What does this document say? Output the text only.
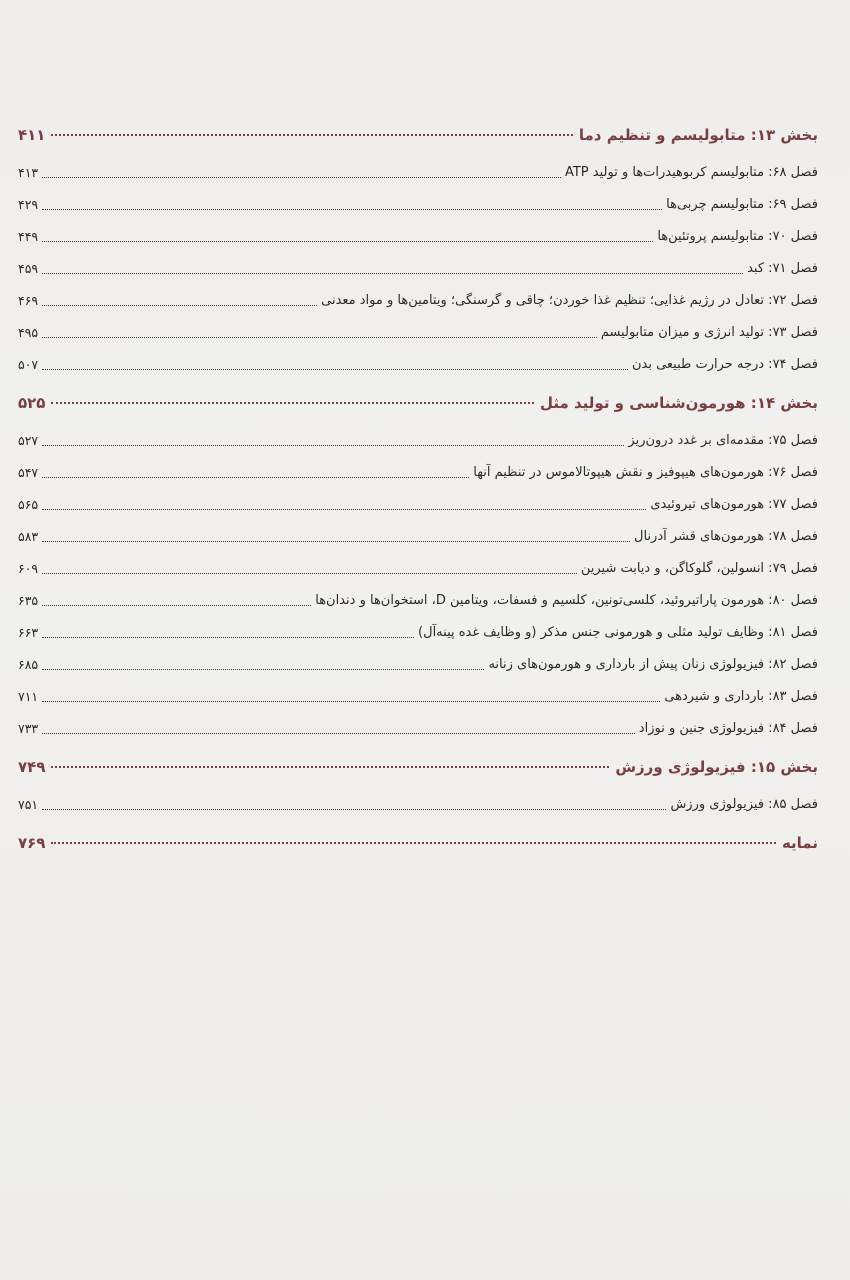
بخش ۱۳: متابولیسم و تنظیم دما
۴۱۱
فصل ۶۸: متابولیسم کربوهیدرات‌ها و تولید ATP
۴۱۳
فصل ۶۹: متابولیسم چربی‌ها
۴۲۹
فصل ۷۰: متابولیسم پروتئین‌ها
۴۴۹
فصل ۷۱: کبد
۴۵۹
فصل ۷۲: تعادل در رژیم غذایی؛ تنظیم غذا خوردن؛ چاقی و گرسنگی؛ ویتامین‌ها و مواد معدنی
۴۶۹
فصل ۷۳: تولید انرژی و میزان متابولیسم
۴۹۵
فصل ۷۴: درجه حرارت طبیعی بدن
۵۰۷
بخش ۱۴: هورمون‌شناسی و تولید مثل
۵۲۵
فصل ۷۵: مقدمه‌ای بر غدد درون‌ریز
۵۲۷
فصل ۷۶: هورمون‌های هیپوفیز و نقش هیپوتالاموس در تنظیم آنها
۵۴۷
فصل ۷۷: هورمون‌های تیروئیدی
۵۶۵
فصل ۷۸: هورمون‌های قشر آدرنال
۵۸۳
فصل ۷۹: انسولین، گلوکاگن، و دیابت شیرین
۶۰۹
فصل ۸۰: هورمون پاراتیروئید، کلسی‌تونین، کلسیم و فسفات، ویتامین D، استخوان‌ها و دندان‌ها
۶۳۵
فصل ۸۱: وظایف تولید مثلی و هورمونی جنس مذکر (و وظایف غده پینه‌آل)
۶۶۳
فصل ۸۲: فیزیولوژی زنان پیش از بارداری و هورمون‌های زنانه
۶۸۵
فصل ۸۳: بارداری و شیردهی
۷۱۱
فصل ۸۴: فیزیولوژی جنین و نوزاد
۷۳۳
بخش ۱۵: فیزیولوژی ورزش
۷۴۹
فصل ۸۵: فیزیولوژی ورزش
۷۵۱
نمایه
۷۶۹
